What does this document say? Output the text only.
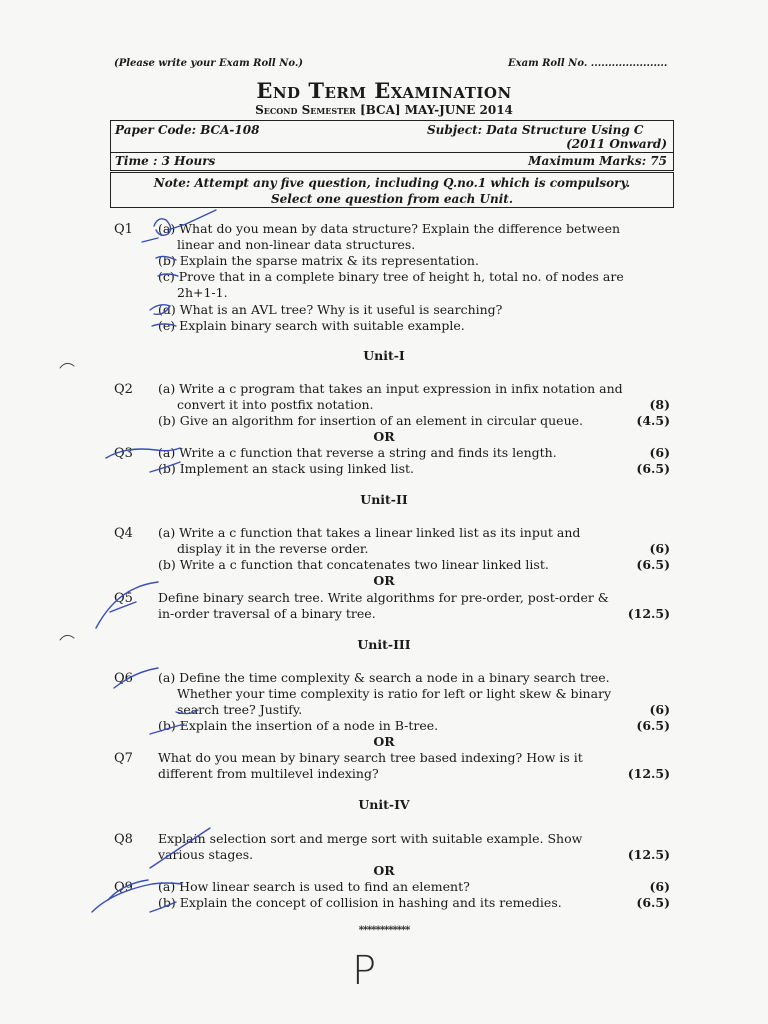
(Please write your Exam Roll No.)	Exam Roll No. ......................
End Term Examination
Second Semester [BCA] MAY-JUNE 2014
Paper Code: BCA-108	Subject: Data Structure Using C
(2011 Onward)
Time : 3 Hours	Maximum Marks: 75
Note: Attempt any five question, including Q.no.1 which is compulsory.
Select one question from each Unit.
Q1 (a) What do you mean by data structure? Explain the difference between
linear and non-linear data structures.
(b) Explain the sparse matrix & its representation.
(c) Prove that in a complete binary tree of height h, total no. of nodes are
2h+1-1.
(d) What is an AVL tree? Why is it useful is searching?
(e) Explain binary search with suitable example.
Unit-I
Q2 (a) Write a c program that takes an input expression in infix notation and
convert it into postfix notation.	(8)
(b) Give an algorithm for insertion of an element in circular queue.	(4.5)
OR
Q3 (a) Write a c function that reverse a string and finds its length.	(6)
(b) Implement an stack using linked list.	(6.5)
Unit-II
Q4 (a) Write a c function that takes a linear linked list as its input and
display it in the reverse order.	(6)
(b) Write a c function that concatenates two linear linked list.	(6.5)
OR
Q5 Define binary search tree. Write algorithms for pre-order, post-order &
in-order traversal of a binary tree.	(12.5)
Unit-III
Q6 (a) Define the time complexity & search a node in a binary search tree.
Whether your time complexity is ratio for left or light skew & binary
search tree? Justify.	(6)
(b) Explain the insertion of a node in B-tree.	(6.5)
OR
Q7 What do you mean by binary search tree based indexing? How is it
different from multilevel indexing?	(12.5)
Unit-IV
Q8 Explain selection sort and merge sort with suitable example. Show
various stages.	(12.5)
OR
Q9 (a) How linear search is used to find an element?	(6)
(b) Explain the concept of collision in hashing and its remedies.	(6.5)
************
P
